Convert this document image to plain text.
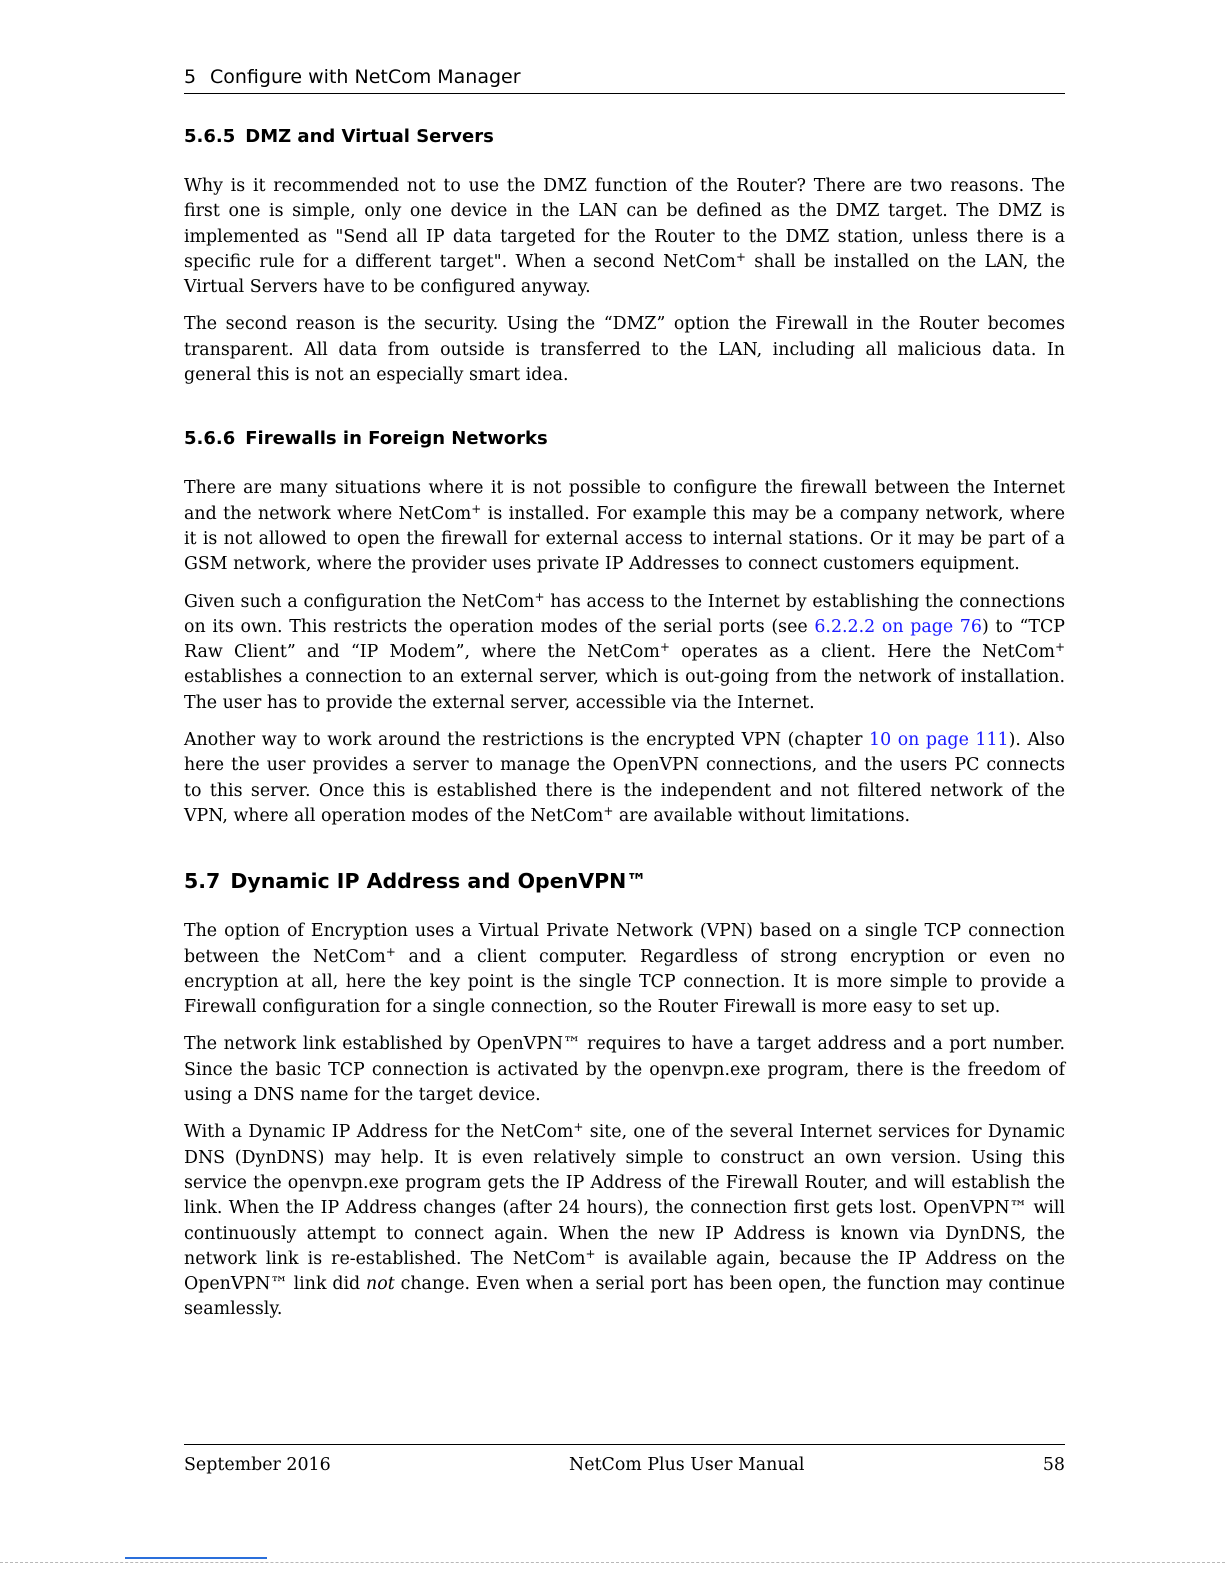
5 Configure with NetCom Manager
5.6.5 DMZ and Virtual Servers

Why is it recommended not to use the DMZ function of the Router? There are two reasons. The first one is simple, only one device in the LAN can be defined as the DMZ target. The DMZ is implemented as "Send all IP data targeted for the Router to the DMZ station, unless there is a specific rule for a different target". When a second NetCom+ shall be installed on the LAN, the Virtual Servers have to be configured anyway.

The second reason is the security. Using the “DMZ” option the Firewall in the Router becomes transparent. All data from outside is transferred to the LAN, including all malicious data. In general this is not an especially smart idea.

5.6.6 Firewalls in Foreign Networks

There are many situations where it is not possible to configure the firewall between the Internet and the network where NetCom+ is installed. For example this may be a company network, where it is not allowed to open the firewall for external access to internal stations. Or it may be part of a GSM network, where the provider uses private IP Addresses to connect customers equipment.

Given such a configuration the NetCom+ has access to the Internet by establishing the connections on its own. This restricts the operation modes of the serial ports (see 6.2.2.2 on page 76) to “TCP Raw Client” and “IP Modem”, where the NetCom+ operates as a client. Here the NetCom+ establishes a connection to an external server, which is out-going from the network of installation. The user has to provide the external server, accessible via the Internet.

Another way to work around the restrictions is the encrypted VPN (chapter 10 on page 111). Also here the user provides a server to manage the OpenVPN connections, and the users PC connects to this server. Once this is established there is the independent and not filtered network of the VPN, where all operation modes of the NetCom+ are available without limitations.

5.7 Dynamic IP Address and OpenVPN™

The option of Encryption uses a Virtual Private Network (VPN) based on a single TCP connection between the NetCom+ and a client computer. Regardless of strong encryption or even no encryption at all, here the key point is the single TCP connection. It is more simple to provide a Firewall configuration for a single connection, so the Router Firewall is more easy to set up.

The network link established by OpenVPN™ requires to have a target address and a port number. Since the basic TCP connection is activated by the openvpn.exe program, there is the freedom of using a DNS name for the target device.

With a Dynamic IP Address for the NetCom+ site, one of the several Internet services for Dynamic DNS (DynDNS) may help. It is even relatively simple to construct an own version. Using this service the openvpn.exe program gets the IP Address of the Firewall Router, and will establish the link. When the IP Address changes (after 24 hours), the connection first gets lost. OpenVPN™ will continuously attempt to connect again. When the new IP Address is known via DynDNS, the network link is re-established. The NetCom+ is available again, because the IP Address on the OpenVPN™ link did not change. Even when a serial port has been open, the function may continue seamlessly.

September 2016	NetCom Plus User Manual	58
